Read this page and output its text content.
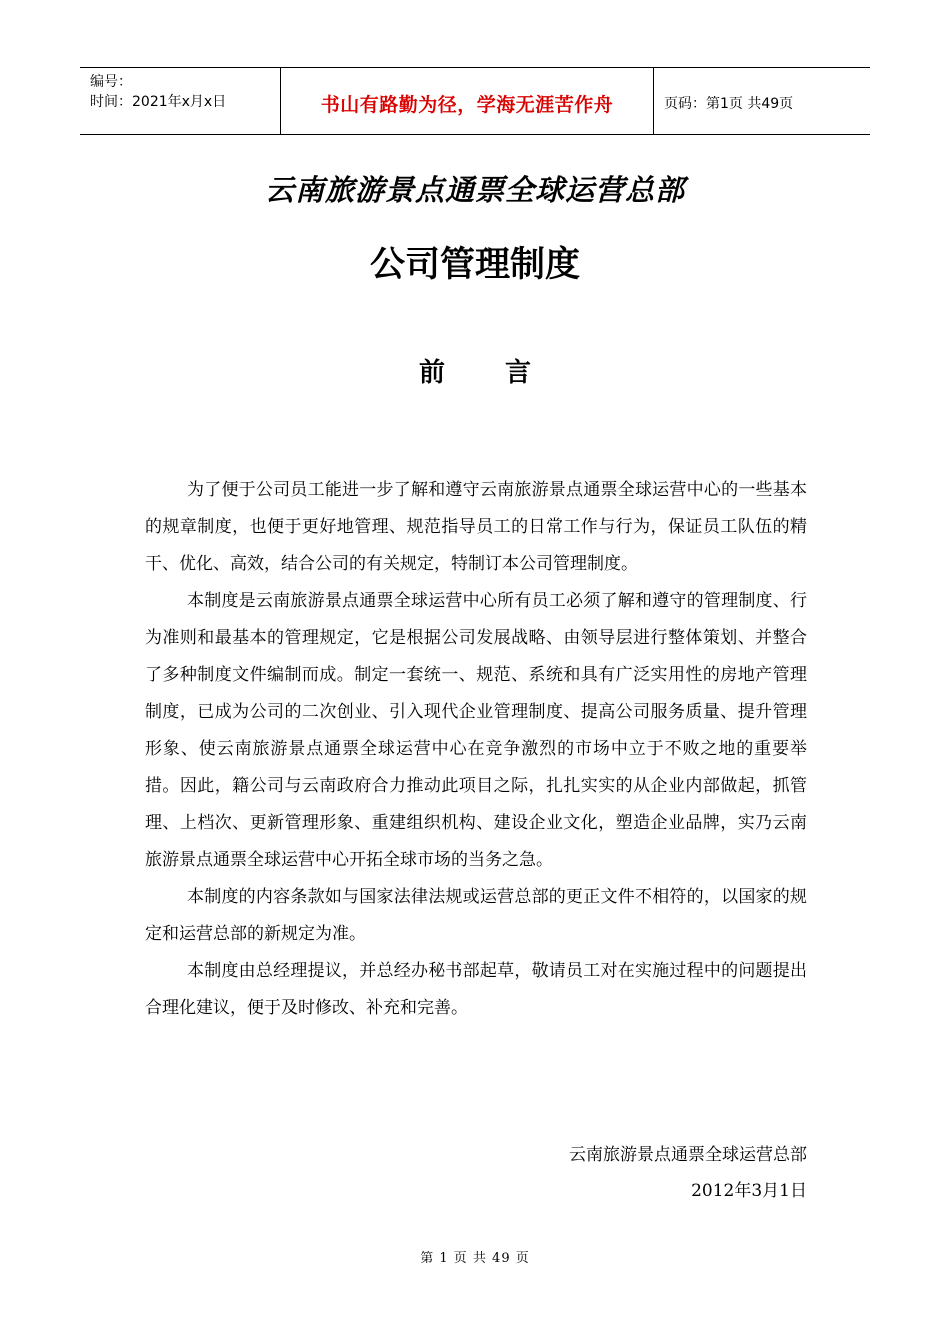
编号：
时间：2021年x月x日	书山有路勤为径，学海无涯苦作舟	页码：第1页 共49页
云南旅游景点通票全球运营总部
公司管理制度
前言

为了便于公司员工能进一步了解和遵守云南旅游景点通票全球运营中心的一些基本的规章制度，也便于更好地管理、规范指导员工的日常工作与行为，保证员工队伍的精干、优化、高效，结合公司的有关规定，特制订本公司管理制度。

本制度是云南旅游景点通票全球运营中心所有员工必须了解和遵守的管理制度、行为准则和最基本的管理规定，它是根据公司发展战略、由领导层进行整体策划、并整合了多种制度文件编制而成。制定一套统一、规范、系统和具有广泛实用性的房地产管理制度，已成为公司的二次创业、引入现代企业管理制度、提高公司服务质量、提升管理形象、使云南旅游景点通票全球运营中心在竞争激烈的市场中立于不败之地的重要举措。因此，籍公司与云南政府合力推动此项目之际，扎扎实实的从企业内部做起，抓管理、上档次、更新管理形象、重建组织机构、建设企业文化，塑造企业品牌，实乃云南旅游景点通票全球运营中心开拓全球市场的当务之急。

本制度的内容条款如与国家法律法规或运营总部的更正文件不相符的，以国家的规定和运营总部的新规定为准。

本制度由总经理提议，并总经办秘书部起草，敬请员工对在实施过程中的问题提出合理化建议，便于及时修改、补充和完善。

云南旅游景点通票全球运营总部
2012年3月1日
第 1 页 共 49 页
